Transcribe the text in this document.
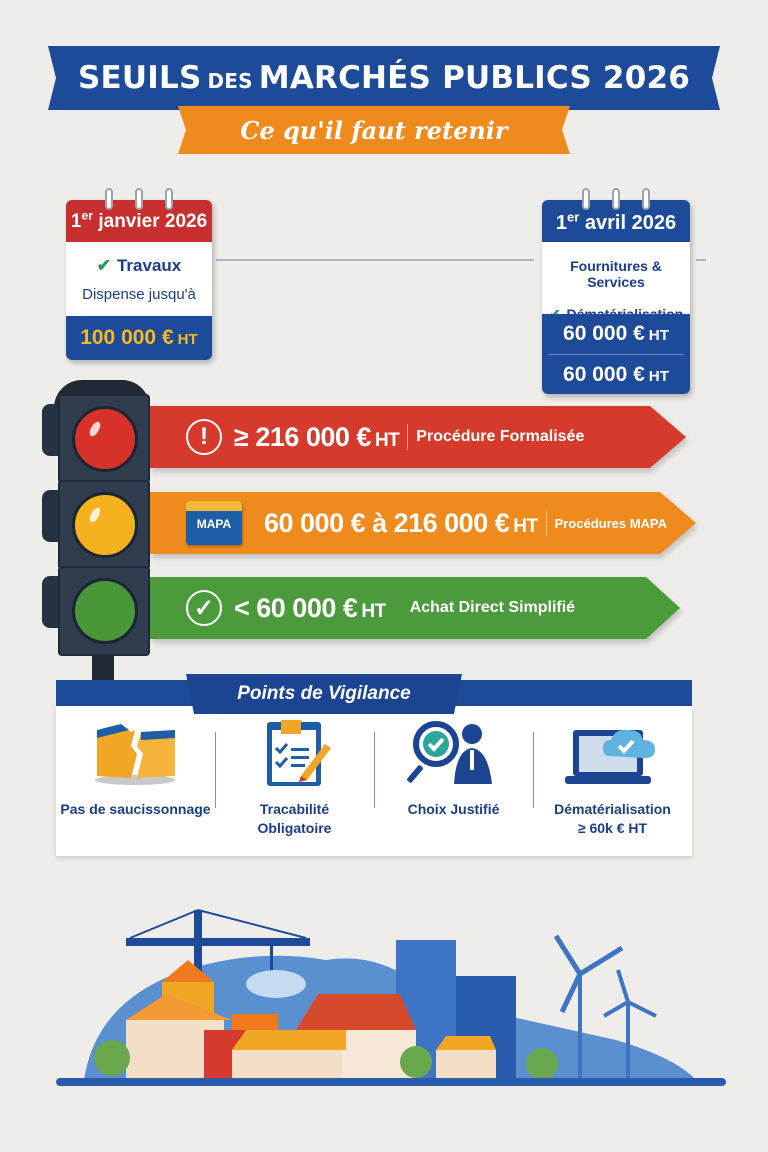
SEUILS DES MARCHÉS PUBLICS 2026
Ce qu'il faut retenir
1er janvier 2026
✔ Travaux
Dispense jusqu'à
100 000 € HT
1er avril 2026
Fournitures & Services
60 000 € HT
60 000 € HT
! ≥ 216 000 € HT Procédure Formalisée
MAPA	60 000 € à 216 000 € HT Procédures MAPA
✓ < 60 000 € HT Achat Direct Simplifié
Points de Vigilance
Pas de saucissonnage	Tracabilité
Obligatoire
Choix Justifié	Dématérialisation
≥ 60k € HT
